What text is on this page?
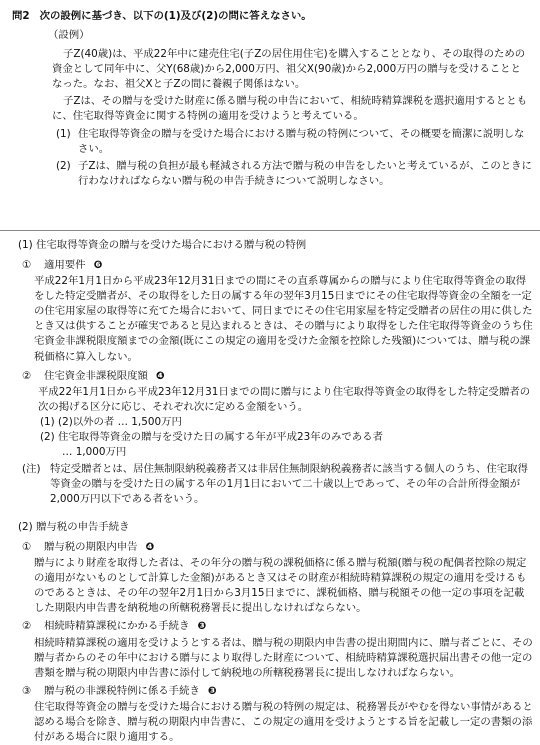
問2 次の設例に基づき、以下の(1)及び(2)の問に答えなさい。
（設例）
子Z(40歳)は、平成22年中に建売住宅(子Zの居住用住宅)を購入することとなり、その取得のための資金として同年中に、父Y(68歳)から2,000万円、祖父X(90歳)から2,000万円の贈与を受けることとなった。なお、祖父Xと子Zの間に養親子関係はない。
子Zは、その贈与を受けた財産に係る贈与税の申告において、相続時精算課税を選択適用するとともに、住宅取得等資金に関する特例の適用を受けようと考えている。
(1) 住宅取得等資金の贈与を受けた場合における贈与税の特例について、その概要を簡潔に説明しなさい。
(2) 子Zは、贈与税の負担が最も軽減される方法で贈与税の申告をしたいと考えているが、このときに行わなければならない贈与税の申告手続きについて説明しなさい。
(1) 住宅取得等資金の贈与を受けた場合における贈与税の特例
① 適用要件 ❻
平成22年1月1日から平成23年12月31日までの間にその直系尊属からの贈与により住宅取得等資金の取得をした特定受贈者が、その取得をした日の属する年の翌年3月15日までにその住宅取得等資金の全額を一定の住宅用家屋の取得等に充てた場合において、同日までにその住宅用家屋を特定受贈者の居住の用に供したとき又は供することが確実であると見込まれるときは、その贈与により取得をした住宅取得等資金のうち住宅資金非課税限度額までの金額(既にこの規定の適用を受けた金額を控除した残額)については、贈与税の課税価格に算入しない。
② 住宅資金非課税限度額 ❹
平成22年1月1日から平成23年12月31日までの間に贈与により住宅取得等資金の取得をした特定受贈者の次の掲げる区分に応じ、それぞれ次に定める金額をいう。
(1) (2)以外の者 … 1,500万円
(2) 住宅取得等資金の贈与を受けた日の属する年が平成23年のみである者
… 1,000万円
(注) 特定受贈者とは、居住無制限納税義務者又は非居住無制限納税義務者に該当する個人のうち、住宅取得等資金の贈与を受けた日の属する年の1月1日において二十歳以上であって、その年の合計所得金額が2,000万円以下である者をいう。
(2) 贈与税の申告手続き
① 贈与税の期限内申告 ❹
贈与により財産を取得した者は、その年分の贈与税の課税価格に係る贈与税額(贈与税の配偶者控除の規定の適用がないものとして計算した金額)があるとき又はその財産が相続時精算課税の規定の適用を受けるものであるときは、その年の翌年2月1日から3月15日までに、課税価格、贈与税額その他一定の事項を記載した期限内申告書を納税地の所轄税務署長に提出しなければならない。
② 相続時精算課税にかかる手続き ❸
相続時精算課税の適用を受けようとする者は、贈与税の期限内申告書の提出期間内に、贈与者ごとに、その贈与者からのその年中における贈与により取得した財産について、相続時精算課税選択届出書その他一定の書類を贈与税の期限内申告書に添付して納税地の所轄税務署長に提出しなければならない。
③ 贈与税の非課税特例に係る手続き ❸
住宅取得等資金の贈与を受けた場合における贈与税の特例の規定は、税務署長がやむを得ない事情があると認める場合を除き、贈与税の期限内申告書に、この規定の適用を受けようとする旨を記載し一定の書類の添付がある場合に限り適用する。
